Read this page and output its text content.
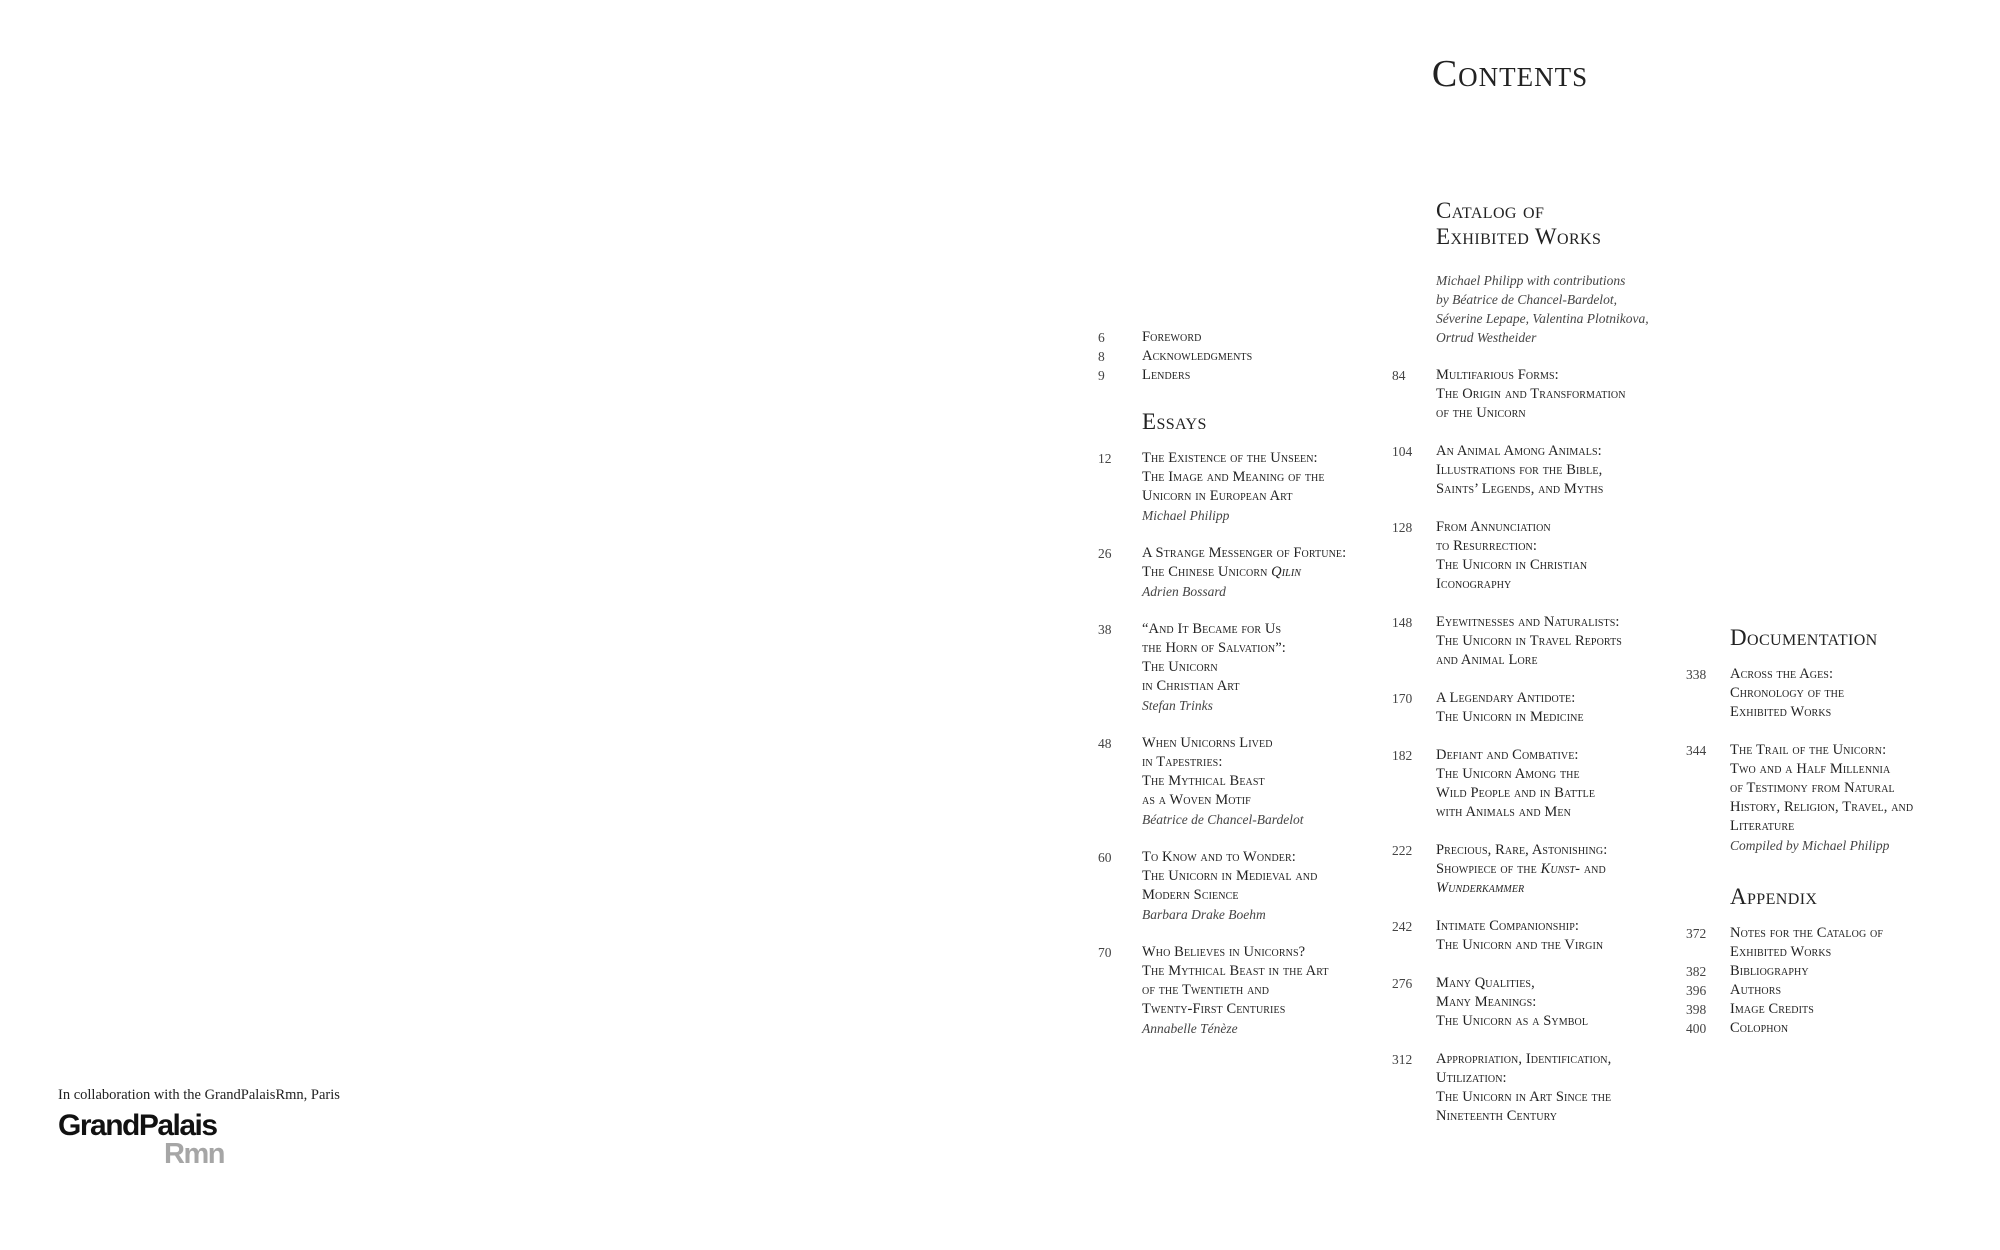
In collaboration with the GrandPalaisRmn, Paris
GrandPalais
Rmn
Contents
6	Foreword
8	Acknowledgments
9	Lenders
Essays
12	The Existence of the Unseen:
The Image and Meaning of the
Unicorn in European Art
Michael Philipp
26	A Strange Messenger of Fortune:
The Chinese Unicorn Qilin
Adrien Bossard
38	“And It Became for Us
the Horn of Salvation”:
The Unicorn
in Christian Art
Stefan Trinks
48	When Unicorns Lived
in Tapestries:
The Mythical Beast
as a Woven Motif
Béatrice de Chancel-Bardelot
60	To Know and to Wonder:
The Unicorn in Medieval and
Modern Science
Barbara Drake Boehm
70	Who Believes in Unicorns?
The Mythical Beast in the Art
of the Twentieth and
Twenty-First Centuries
Annabelle Ténèze
Catalog of
Exhibited Works
Michael Philipp with contributions
by Béatrice de Chancel-Bardelot,
Séverine Lepape, Valentina Plotnikova,
Ortrud Westheider
84	Multifarious Forms:
The Origin and Transformation
of the Unicorn
104	An Animal Among Animals:
Illustrations for the Bible,
Saints’ Legends, and Myths
128	From Annunciation
to Resurrection:
The Unicorn in Christian
Iconography
148	Eyewitnesses and Naturalists:
The Unicorn in Travel Reports
and Animal Lore
170	A Legendary Antidote:
The Unicorn in Medicine
182	Defiant and Combative:
The Unicorn Among the
Wild People and in Battle
with Animals and Men
222	Precious, Rare, Astonishing:
Showpiece of the Kunst- and
Wunderkammer
242	Intimate Companionship:
The Unicorn and the Virgin
276	Many Qualities,
Many Meanings:
The Unicorn as a Symbol
312	Appropriation, Identification,
Utilization:
The Unicorn in Art Since the
Nineteenth Century
Documentation
338	Across the Ages:
Chronology of the
Exhibited Works
344	The Trail of the Unicorn:
Two and a Half Millennia
of Testimony from Natural
History, Religion, Travel, and
Literature
Compiled by Michael Philipp
Appendix
372	Notes for the Catalog of
Exhibited Works
382	Bibliography
396	Authors
398	Image Credits
400	Colophon
